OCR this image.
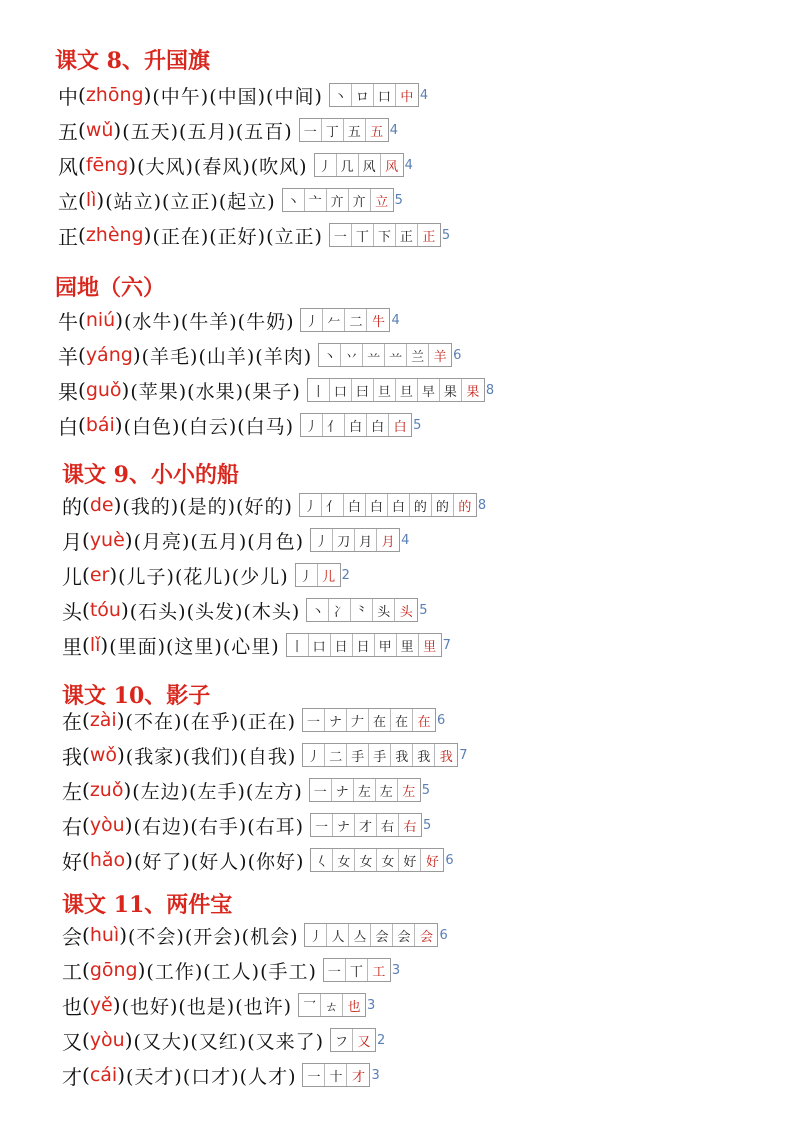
课文 8、升国旗
中 ( zhōng ) (中午)(中国)(中间) 丶 ロ 口 中 4
五 ( wǔ ) (五天)(五月)(五百) 一 丁 五 五 4
风 ( fēng ) (大风)(春风)(吹风) 丿 几 风 风 4
立 ( lì ) (站立)(立正)(起立) 丶 亠 亣 亣 立 5
正 ( zhèng ) (正在)(正好)(立正) 一 丅 下 正 正 5
园地（六）
牛 ( niú ) (水牛)(牛羊)(牛奶) 丿 𠂉 二 牛 4
羊 ( yáng ) (羊毛)(山羊)(羊肉) 丶 丷 䒑 䒑 兰 羊 6
果 ( guǒ ) (苹果)(水果)(果子) 丨 口 曰 旦 旦 早 果 果 8
白 ( bái ) (白色)(白云)(白马) 丿 亻 白 白 白 5
课文 9、小小的船
的 ( de ) (我的)(是的)(好的) 丿 亻 白 白 白 的 的 的 8
月 ( yuè ) (月亮)(五月)(月色) 丿 刀 月 月 4
儿 ( er ) (儿子)(花儿)(少儿) 丿 儿 2
头 ( tóu ) (石头)(头发)(木头) 丶 冫 ⺀ 头 头 5
里 ( lǐ ) (里面)(这里)(心里) 丨 口 日 日 甲 里 里 7
课文 10、影子
在 ( zài ) (不在)(在乎)(正在) 一 ナ 𠂇 在 在 在 6
我 ( wǒ ) (我家)(我们)(自我) 丿 二 手 手 我 我 我 7
左 ( zuǒ ) (左边)(左手)(左方) 一 ナ 左 左 左 5
右 ( yòu ) (右边)(右手)(右耳) 一 ナ 才 右 右 5
好 ( hǎo ) (好了)(好人)(你好) 𡿨 女 女 女 好 好 6
课文 11、两件宝
会 ( huì ) (不会)(开会)(机会) 丿 人 亼 会 会 会 6
工 ( gōng ) (工作)(工人)(手工) 一 丅 工 3
也 ( yě ) (也好)(也是)(也许) 乛 ㄊ 也 3
又 ( yòu ) (又大)(又红)(又来了) フ 又 2
才 ( cái ) (天才)(口才)(人才) 一 十 才 3
